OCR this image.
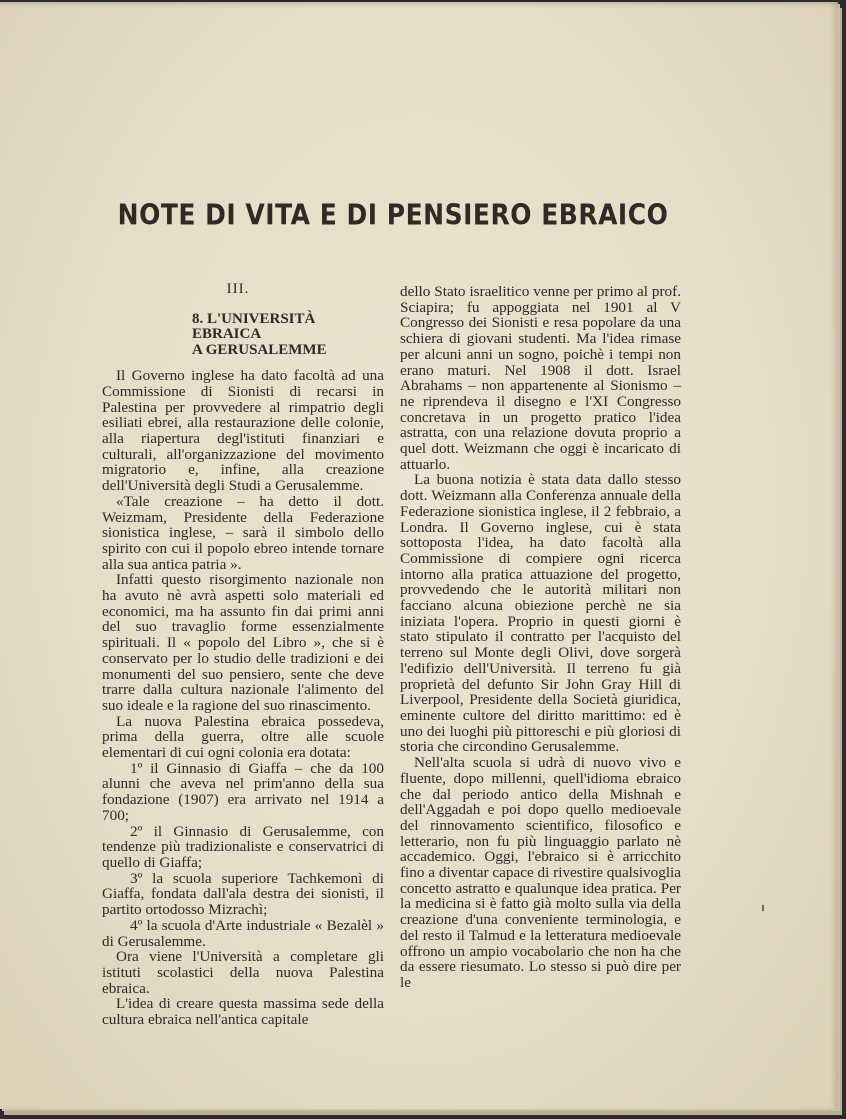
NOTE DI VITA E DI PENSIERO EBRAICO
III.
8. L'UNIVERSITÀ EBRAICA
A GERUSALEMME

Il Governo inglese ha dato facoltà ad una Commissione di Sionisti di recarsi in Palestina per provvedere al rimpatrio degli esiliati ebrei, alla restaurazione delle colonie, alla riapertura degl'istituti finanziari e culturali, all'organizzazione del movimento migratorio e, infine, alla creazione dell'Università degli Studi a Gerusalemme.

«Tale creazione – ha detto il dott. Weizmam, Presidente della Federazione sionistica inglese, – sarà il simbolo dello spirito con cui il popolo ebreo intende tornare alla sua antica patria ».

Infatti questo risorgimento nazionale non ha avuto nè avrà aspetti solo materiali ed economici, ma ha assunto fin dai primi anni del suo travaglio forme essenzialmente spirituali. Il « popolo del Libro », che si è conservato per lo studio delle tradizioni e dei monumenti del suo pensiero, sente che deve trarre dalla cultura nazionale l'alimento del suo ideale e la ragione del suo rinascimento.

La nuova Palestina ebraica possedeva, prima della guerra, oltre alle scuole elementari di cui ogni colonia era dotata:

1º il Ginnasio di Giaffa – che da 100 alunni che aveva nel prim'anno della sua fondazione (1907) era arrivato nel 1914 a 700;

2º il Ginnasio di Gerusalemme, con tendenze più tradizionaliste e conservatrici di quello di Giaffa;

3º la scuola superiore Tachkemonì di Giaffa, fondata dall'ala destra dei sionisti, il partito ortodosso Mizrachì;

4º la scuola d'Arte industriale « Bezalèl » di Gerusalemme.

Ora viene l'Università a completare gli istituti scolastici della nuova Palestina ebraica.

L'idea di creare questa massima sede della cultura ebraica nell'antica capitale

dello Stato israelitico venne per primo al prof. Sciapira; fu appoggiata nel 1901 al V Congresso dei Sionisti e resa popolare da una schiera di giovani studenti. Ma l'idea rimase per alcuni anni un sogno, poichè i tempi non erano maturi. Nel 1908 il dott. Israel Abrahams – non appartenente al Sionismo – ne riprendeva il disegno e l'XI Congresso concretava in un progetto pratico l'idea astratta, con una relazione dovuta proprio a quel dott. Weizmann che oggi è incaricato di attuarlo.

La buona notizia è stata data dallo stesso dott. Weizmann alla Conferenza annuale della Federazione sionistica inglese, il 2 febbraio, a Londra. Il Governo inglese, cui è stata sottoposta l'idea, ha dato facoltà alla Commissione di compiere ogni ricerca intorno alla pratica attuazione del progetto, provvedendo che le autorità militari non facciano alcuna obiezione perchè ne sia iniziata l'opera. Proprio in questi giorni è stato stipulato il contratto per l'acquisto del terreno sul Monte degli Olivi, dove sorgerà l'edifizio dell'Università. Il terreno fu già proprietà del defunto Sir John Gray Hill di Liverpool, Presidente della Società giuridica, eminente cultore del diritto marittimo: ed è uno dei luoghi più pittoreschi e più gloriosi di storia che circondino Gerusalemme.

Nell'alta scuola si udrà di nuovo vivo e fluente, dopo millenni, quell'idioma ebraico che dal periodo antico della Mishnah e dell'Aggadah e poi dopo quello medioevale del rinnovamento scientifico, filosofico e letterario, non fu più linguaggio parlato nè accademico. Oggi, l'ebraico si è arricchito fino a diventar capace di rivestire qualsivoglia concetto astratto e qualunque idea pratica. Per la medicina si è fatto già molto sulla via della creazione d'una conveniente terminologia, e del resto il Talmud e la letteratura medioevale offrono un ampio vocabolario che non ha che da essere riesumato. Lo stesso si può dire per le
